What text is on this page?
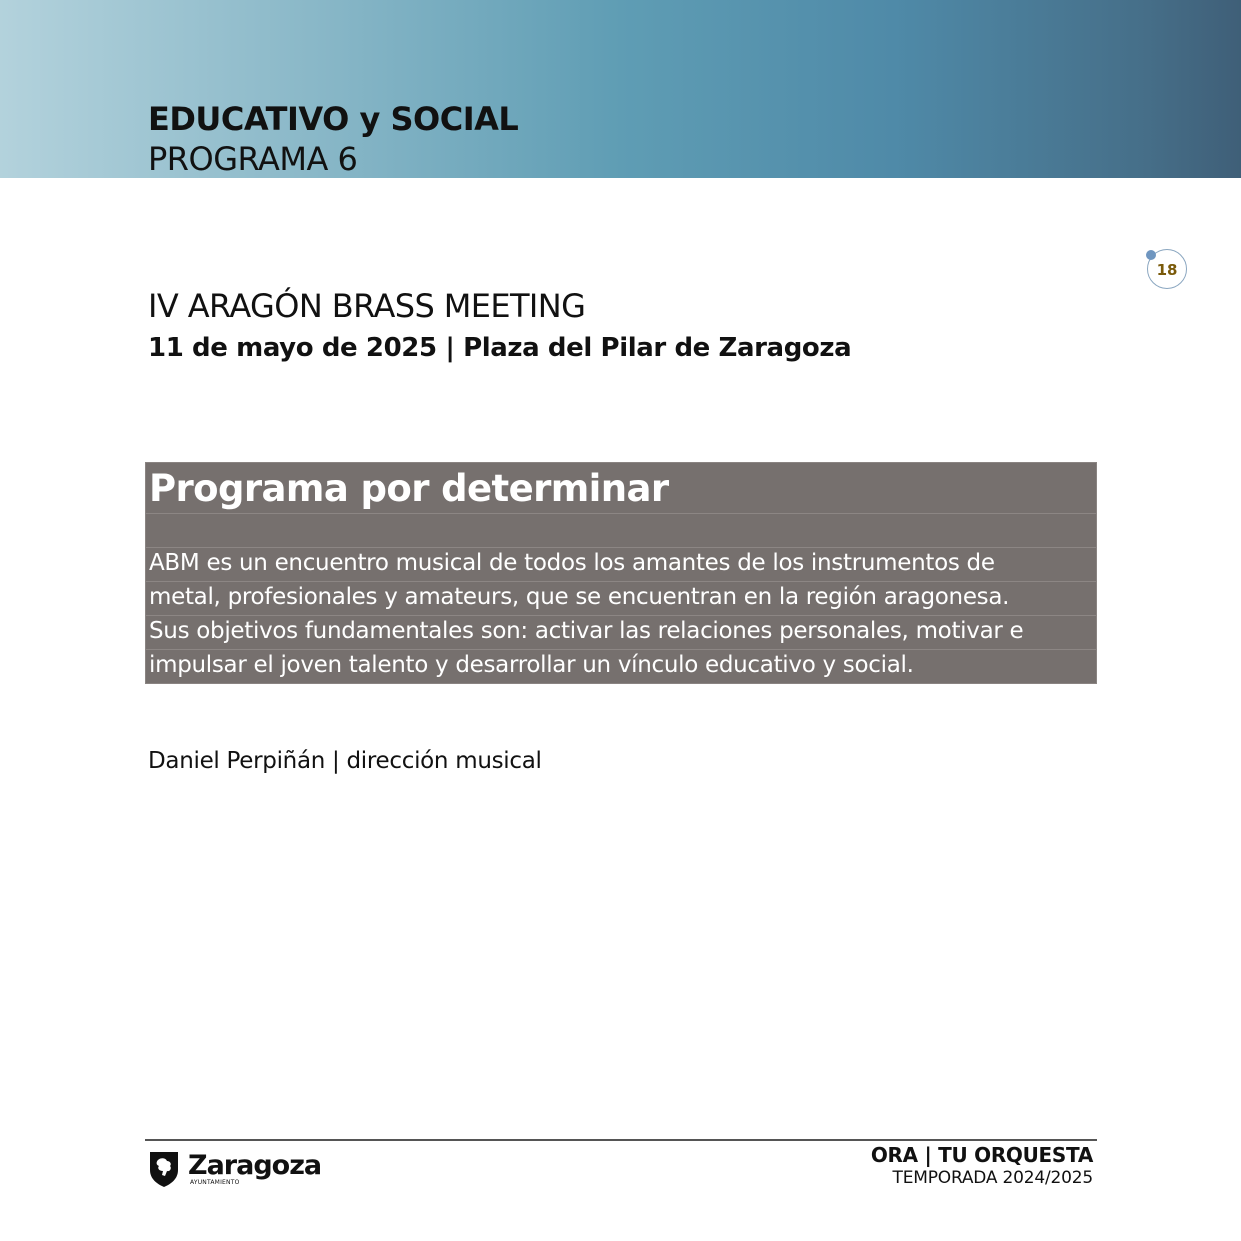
EDUCATIVO y SOCIAL
PROGRAMA 6
18
IV ARAGÓN BRASS MEETING
11 de mayo de 2025 | Plaza del Pilar de Zaragoza
Programa por determinar
ABM es un encuentro musical de todos los amantes de los instrumentos de
metal, profesionales y amateurs, que se encuentran en la región aragonesa.
Sus objetivos fundamentales son: activar las relaciones personales, motivar e
impulsar el joven talento y desarrollar un vínculo educativo y social.
Daniel Perpiñán | dirección musical
Zaragoza
AYUNTAMIENTO
ORA | TU ORQUESTA
TEMPORADA 2024/2025
